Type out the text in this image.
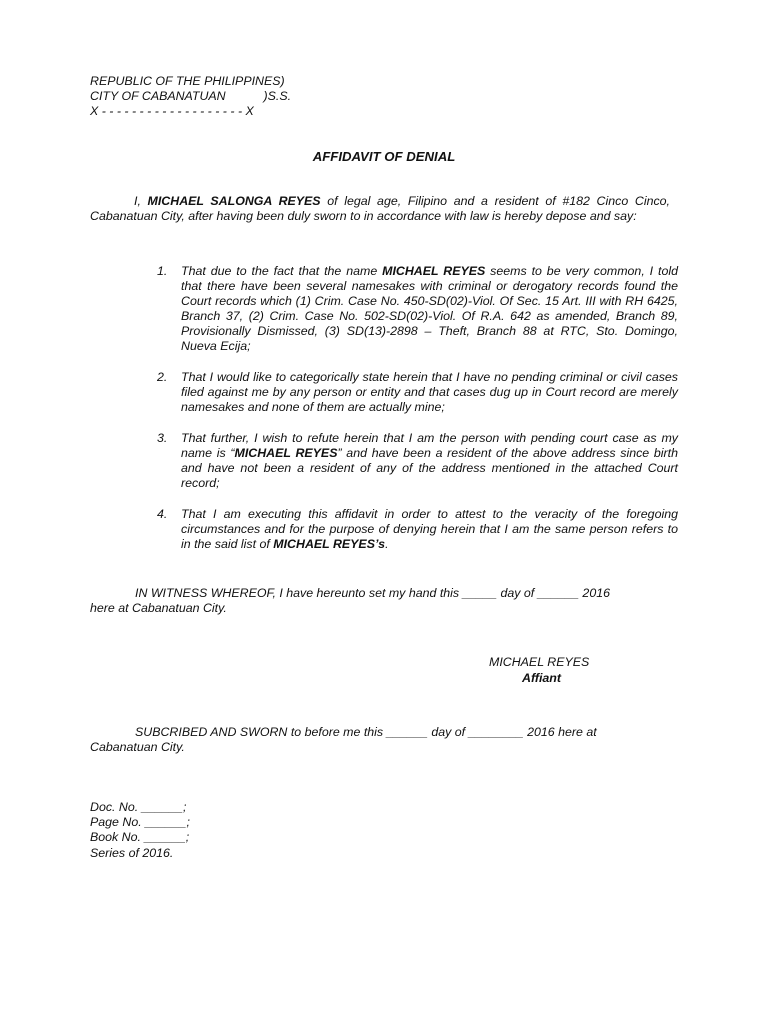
REPUBLIC OF THE PHILIPPINES)
CITY OF CABANATUAN           )S.S.
X - - - - - - - - - - - - - - - - - - - X
AFFIDAVIT OF DENIAL
I, MICHAEL SALONGA REYES of legal age, Filipino and a resident of #182 Cinco Cinco, Cabanatuan City, after having been duly sworn to in accordance with law is hereby depose and say:
1. That due to the fact that the name MICHAEL REYES seems to be very common, I told that there have been several namesakes with criminal or derogatory records found the Court records which (1) Crim. Case No. 450-SD(02)-Viol. Of Sec. 15 Art. III with RH 6425, Branch 37, (2) Crim. Case No. 502-SD(02)-Viol. Of R.A. 642 as amended, Branch 89, Provisionally Dismissed, (3) SD(13)-2898 – Theft, Branch 88 at RTC, Sto. Domingo, Nueva Ecija;
2. That I would like to categorically state herein that I have no pending criminal or civil cases filed against me by any person or entity and that cases dug up in Court record are merely namesakes and none of them are actually mine;
3. That further, I wish to refute herein that I am the person with pending court case as my name is “MICHAEL REYES” and have been a resident of the above address since birth and have not been a resident of any of the address mentioned in the attached Court record;
4. That I am executing this affidavit in order to attest to the veracity of the foregoing circumstances and for the purpose of denying herein that I am the same person refers to in the said list of MICHAEL REYES’s.
IN WITNESS WHEREOF, I have hereunto set my hand this _____ day of ______ 2016
here at Cabanatuan City.
MICHAEL REYES
Affiant
SUBCRIBED AND SWORN to before me this ______ day of ________ 2016 here at
Cabanatuan City.
Doc. No. ______;
Page No. ______;
Book No. ______;
Series of 2016.
